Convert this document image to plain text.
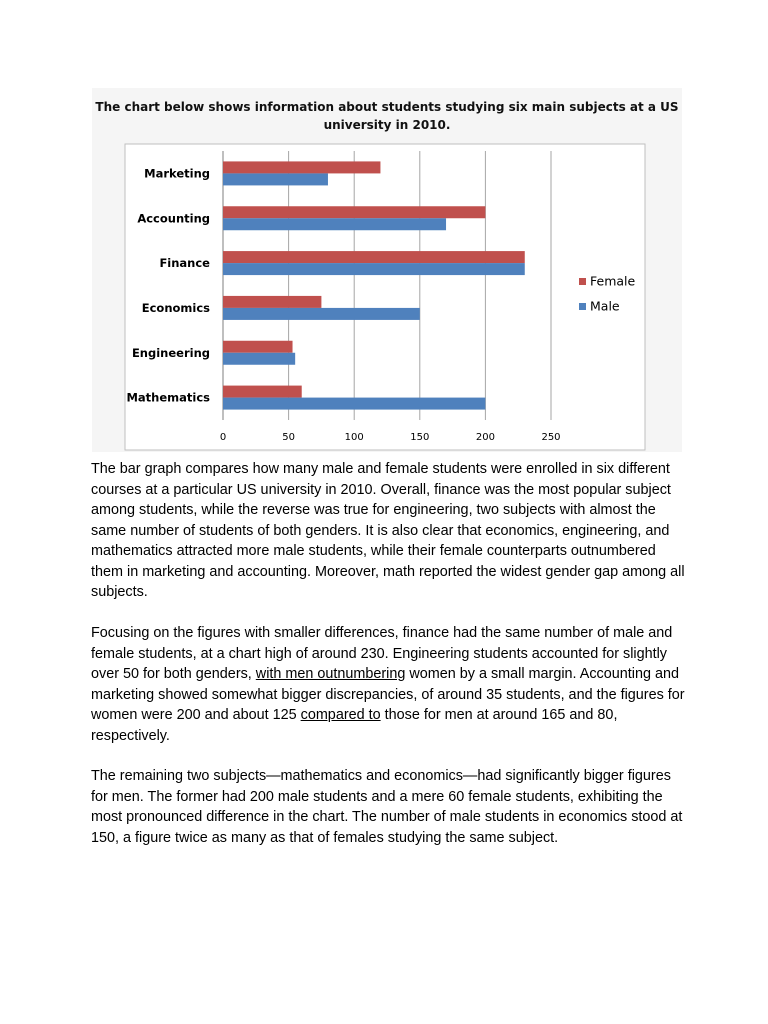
The chart below shows information about students studying six main subjects at a US university in 2010.
0	50	100	150	200	250
Marketing
Accounting
Finance
Economics
Engineering
Mathematics
Female
Male

The bar graph compares how many male and female students were enrolled in six different courses at a particular US university in 2010. Overall, finance was the most popular subject among students, while the reverse was true for engineering, two subjects with almost the same number of students of both genders. It is also clear that economics, engineering, and mathematics attracted more male students, while their female counterparts outnumbered them in marketing and accounting. Moreover, math reported the widest gender gap among all subjects.

Focusing on the figures with smaller differences, finance had the same number of male and female students, at a chart high of around 230. Engineering students accounted for slightly over 50 for both genders, with men outnumbering women by a small margin. Accounting and marketing showed somewhat bigger discrepancies, of around 35 students, and the figures for women were 200 and about 125 compared to those for men at around 165 and 80, respectively.

The remaining two subjects—mathematics and economics—had significantly bigger figures for men. The former had 200 male students and a mere 60 female students, exhibiting the most pronounced difference in the chart. The number of male students in economics stood at 150, a figure twice as many as that of females studying the same subject.
